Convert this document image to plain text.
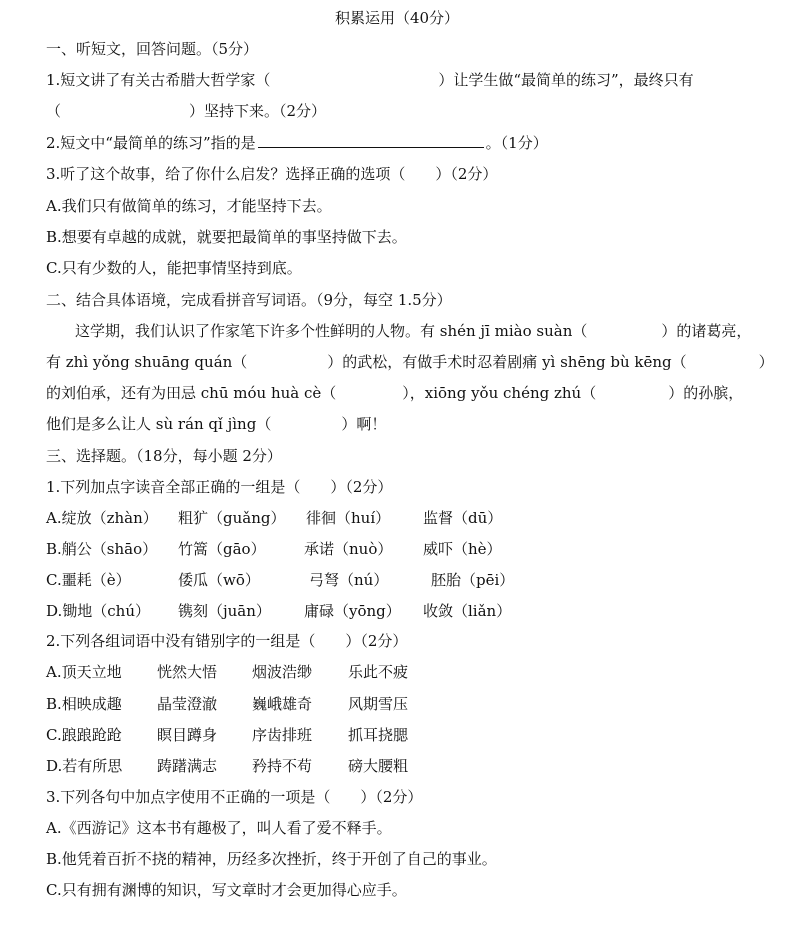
积累运用（40分）
一、听短文，回答问题。（5分）
1.短文讲了有关古希腊大哲学家（	）让学生做“最简单的练习”，最终只有
（	）坚持下来。（2分）
2.短文中“最简单的练习”指的是	。（1分）
3.听了这个故事，给了你什么启发？选择正确的选项（　　）（2分）
A.我们只有做简单的练习，才能坚持下去。
B.想要有卓越的成就，就要把最简单的事坚持做下去。
C.只有少数的人，能把事情坚持到底。
二、结合具体语境，完成看拼音写词语。（9分，每空 1.5分）
这学期，我们认识了作家笔下许多个性鲜明的人物。有 shén jī miào suàn（	）的诸葛亮，
有 zhì yǒng shuāng quán（	）的武松，有做手术时忍着剧痛 yì shēng bù kēng（	）
的刘伯承，还有为田忌 chū móu huà cè（	），xiōng yǒu chéng zhú（	）的孙膑，
他们是多么让人 sù rán qǐ jìng（	）啊！
三、选择题。（18分，每小题 2分）
1.下列加点字读音全部正确的一组是（　　）（2分）
A.绽放（zhàn） 粗犷（guǎng） 徘徊（huí） 监督（dū）
B.艄公（shāo） 竹篙（gāo）	承诺（nuò） 威吓（hè）
C.噩耗（è）	倭瓜（wō）	弓弩（nú）	胚胎（pēi）
D.锄地（chú） 镌刻（juān） 庸碌（yōng） 收敛（liǎn）
2.下列各组词语中没有错别字的一组是（　　）（2分）
A.顶天立地 恍然大悟 烟波浩缈 乐此不疲
B.相映成趣 晶莹澄澈 巍峨雄奇 风期雪压
C.踉踉跄跄 瞑目蹲身 序齿排班 抓耳挠腮
D.若有所思 踌躇满志 矜持不苟 磅大腰粗
3.下列各句中加点字使用不正确的一项是（　　）（2分）
A.《西游记》这本书有趣极了，叫人看了爱不释手。
B.他凭着百折不挠的精神，历经多次挫折，终于开创了自己的事业。
C.只有拥有渊博的知识，写文章时才会更加得心应手。
